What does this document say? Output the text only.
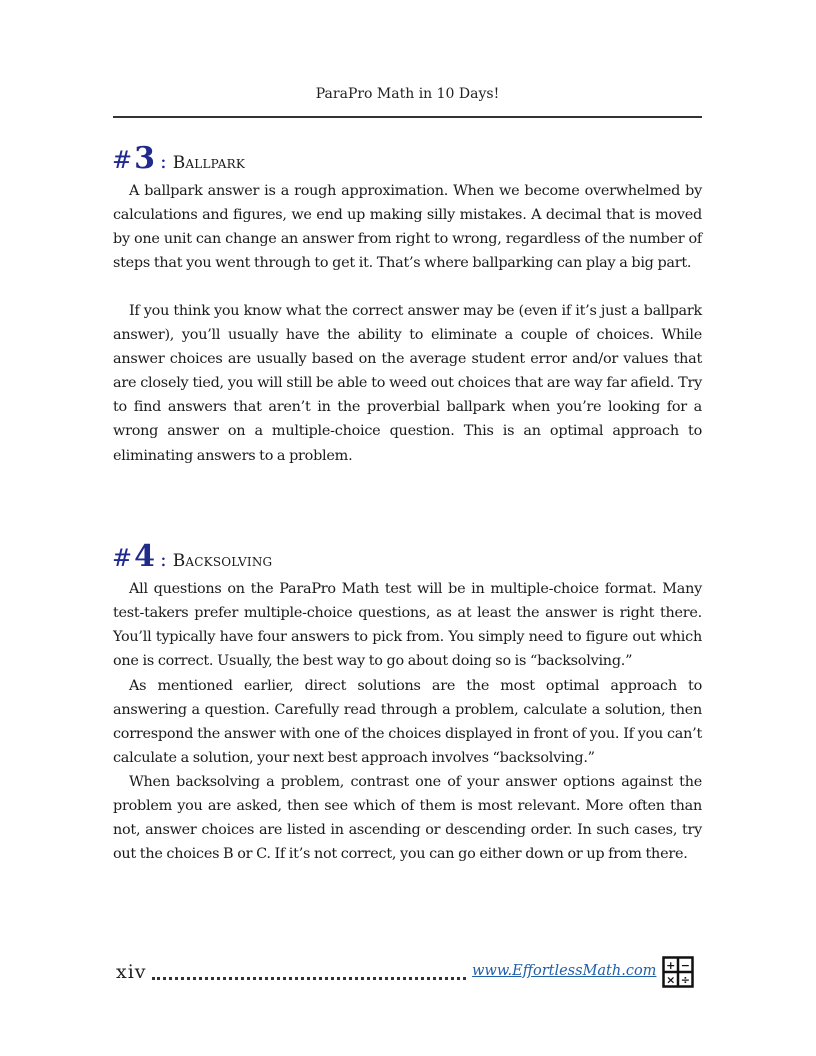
ParaPro Math in 10 Days!
# 3 : Ballpark

A ballpark answer is a rough approximation. When we become overwhelmed by calculations and figures, we end up making silly mistakes. A decimal that is moved by one unit can change an answer from right to wrong, regardless of the number of steps that you went through to get it. That’s where ballparking can play a big part.

If you think you know what the correct answer may be (even if it’s just a ballpark answer), you’ll usually have the ability to eliminate a couple of choices. While answer choices are usually based on the average student error and/or values that are closely tied, you will still be able to weed out choices that are way far afield. Try to find answers that aren’t in the proverbial ballpark when you’re looking for a wrong answer on a multiple-choice question. This is an optimal approach to eliminating answers to a problem.

# 4 : Backsolving

All questions on the ParaPro Math test will be in multiple-choice format. Many test-takers prefer multiple-choice questions, as at least the answer is right there. You’ll typically have four answers to pick from. You simply need to figure out which one is correct. Usually, the best way to go about doing so is “backsolving.”

As mentioned earlier, direct solutions are the most optimal approach to answering a question. Carefully read through a problem, calculate a solution, then correspond the answer with one of the choices displayed in front of you. If you can’t calculate a solution, your next best approach involves “backsolving.”

When backsolving a problem, contrast one of your answer options against the problem you are asked, then see which of them is most relevant. More often than not, answer choices are listed in ascending or descending order. In such cases, try out the choices B or C. If it’s not correct, you can go either down or up from there.

xiv	www.EffortlessMath.com + −
× ÷
